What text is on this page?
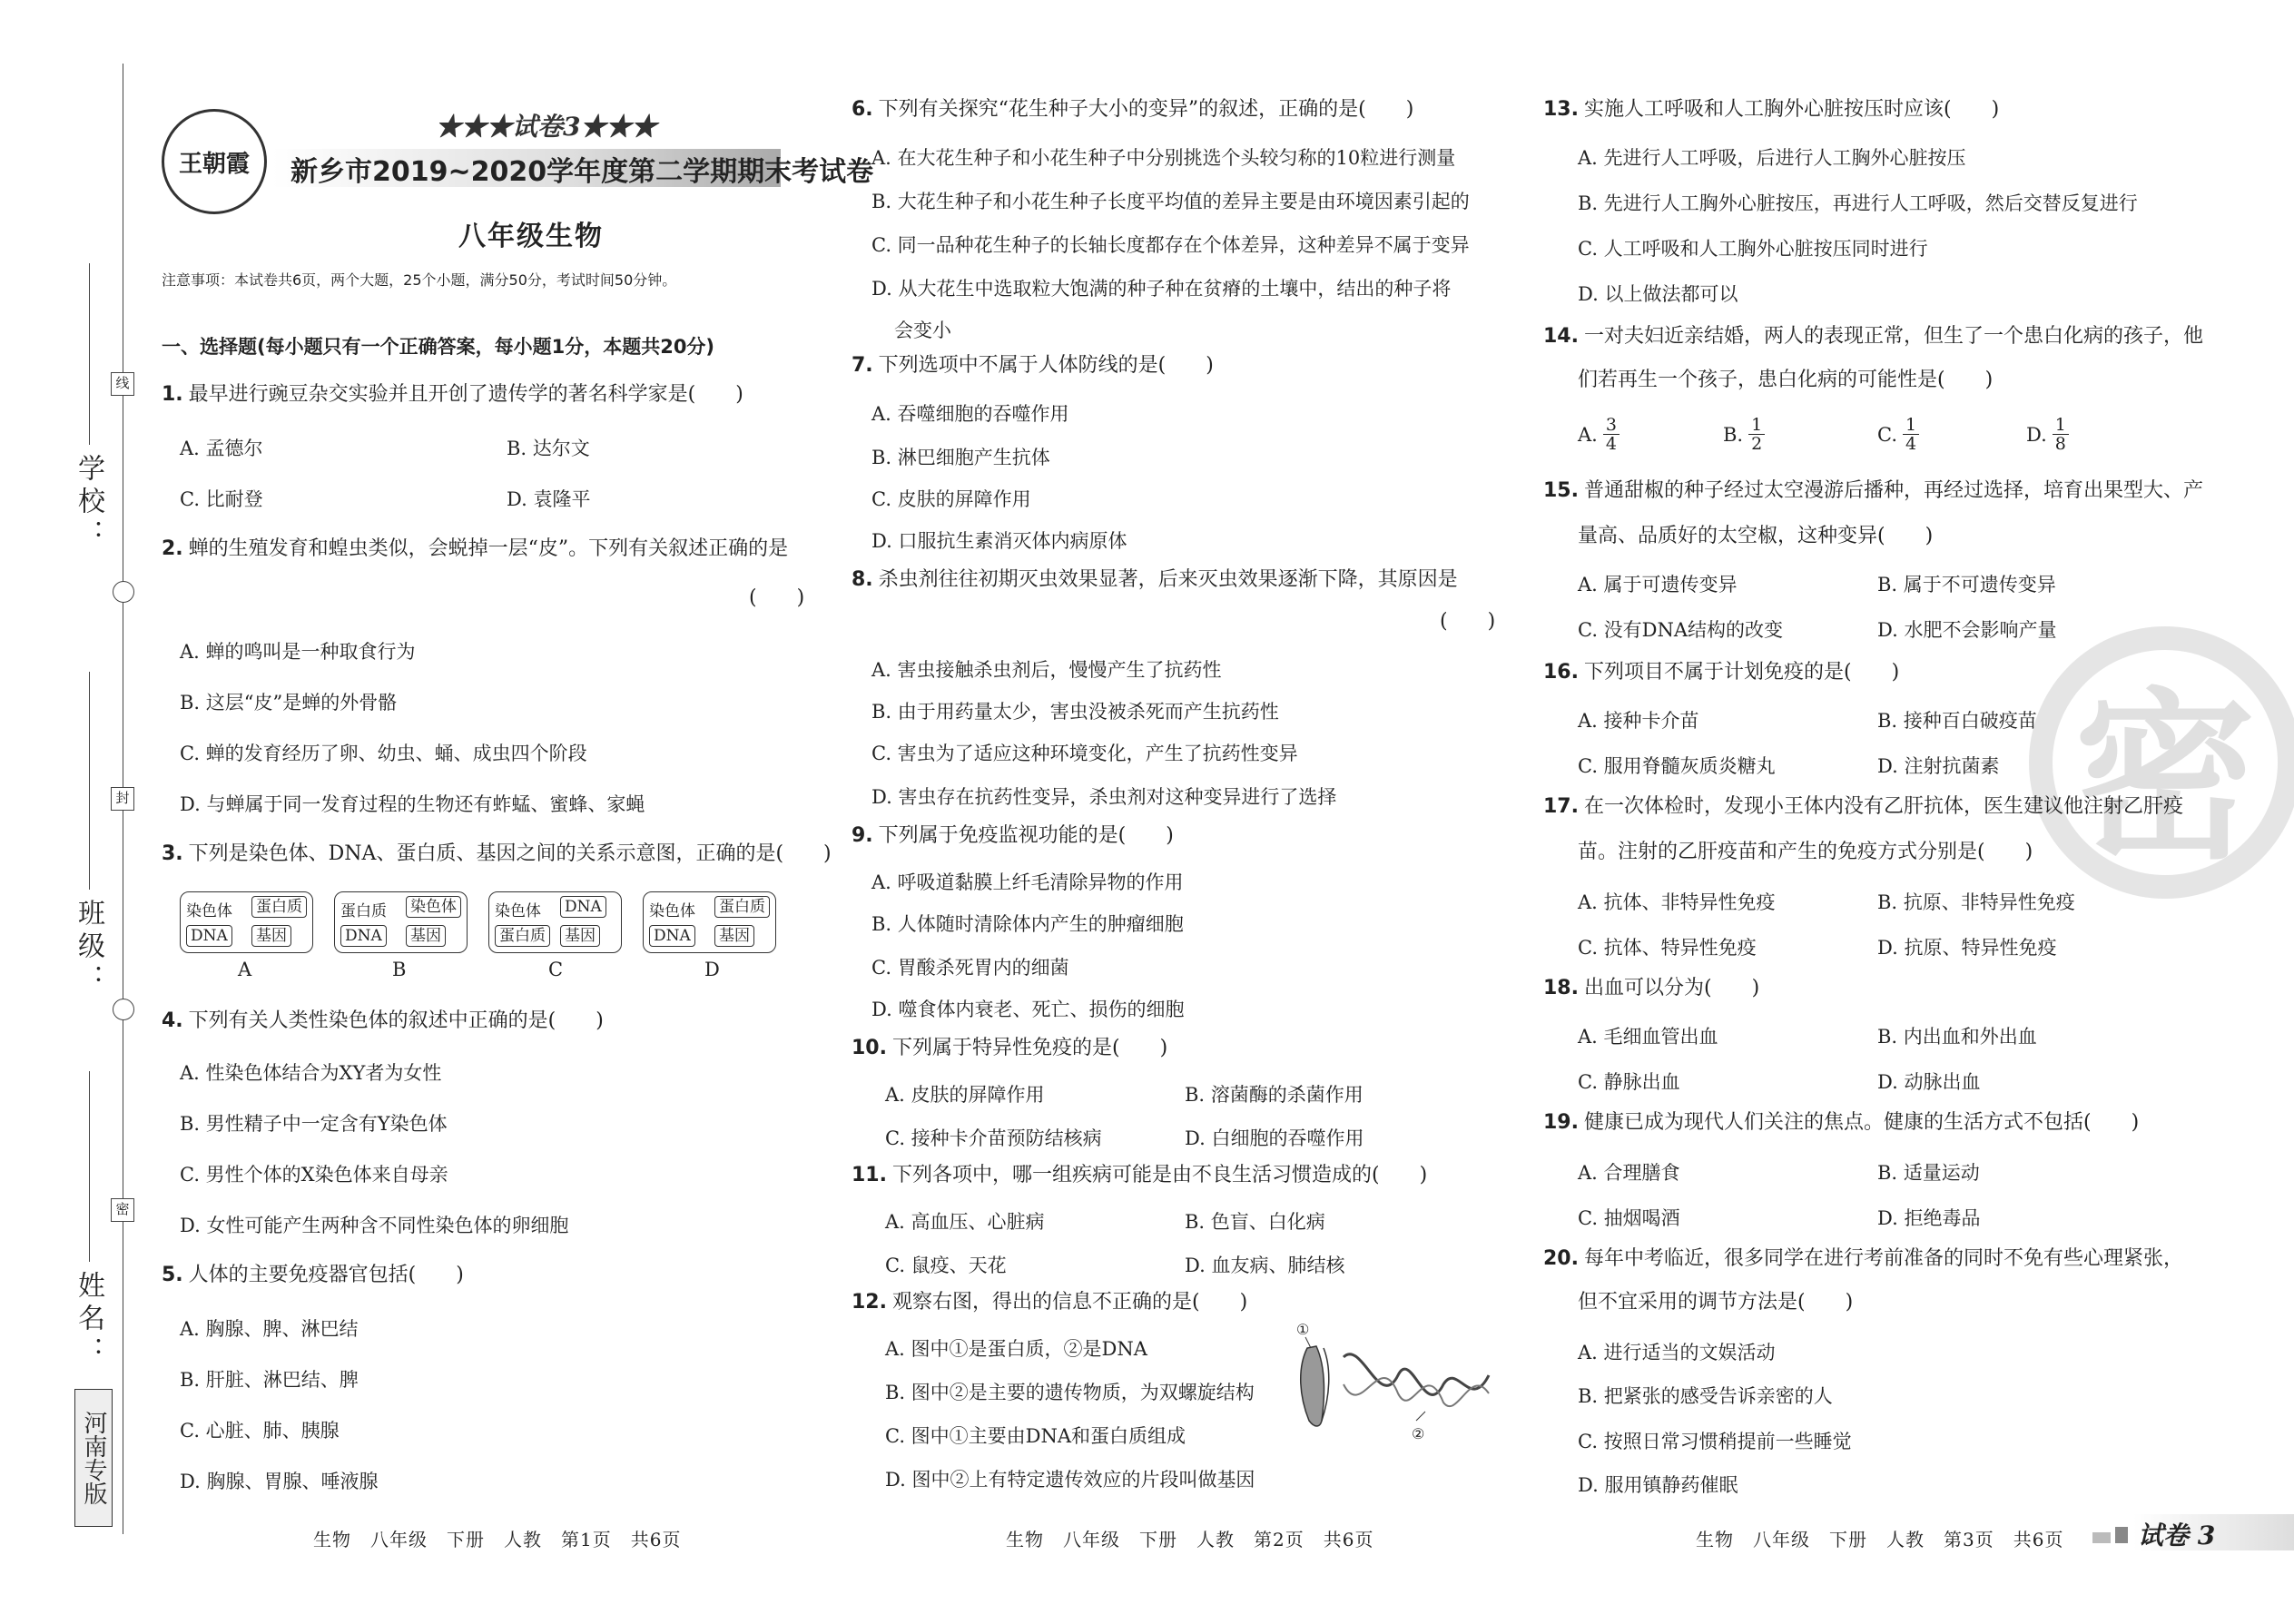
学校：
线
班级：
封
姓名：
密
河南专版
王朝霞
★★★试卷3★★★
新乡市2019~2020学年度第二学期期末考试卷
八年级生物
注意事项：本试卷共6页，两个大题，25个小题，满分50分，考试时间50分钟。
一、选择题(每小题只有一个正确答案，每小题1分，本题共20分)
1. 最早进行豌豆杂交实验并且开创了遗传学的著名科学家是(　　)
A. 孟德尔	B. 达尔文
C. 比耐登	D. 袁隆平
2. 蝉的生殖发育和蝗虫类似，会蜕掉一层“皮”。下列有关叙述正确的是
(　　)
A. 蝉的鸣叫是一种取食行为
B. 这层“皮”是蝉的外骨骼
C. 蝉的发育经历了卵、幼虫、蛹、成虫四个阶段
D. 与蝉属于同一发育过程的生物还有蚱蜢、蜜蜂、家蝇
3. 下列是染色体、DNA、蛋白质、基因之间的关系示意图，正确的是(　　)
染色体 蛋白质
DNA 基因
A
蛋白质 染色体
DNA 基因
B
染色体 DNA
蛋白质 基因
C
染色体 蛋白质
DNA 基因
D
4. 下列有关人类性染色体的叙述中正确的是(　　)
A. 性染色体结合为XY者为女性
B. 男性精子中一定含有Y染色体
C. 男性个体的X染色体来自母亲
D. 女性可能产生两种含不同性染色体的卵细胞
5. 人体的主要免疫器官包括(　　)
A. 胸腺、脾、淋巴结
B. 肝脏、淋巴结、脾
C. 心脏、肺、胰腺
D. 胸腺、胃腺、唾液腺
6. 下列有关探究“花生种子大小的变异”的叙述，正确的是(　　)
A. 在大花生种子和小花生种子中分别挑选个头较匀称的10粒进行测量
B. 大花生种子和小花生种子长度平均值的差异主要是由环境因素引起的
C. 同一品种花生种子的长轴长度都存在个体差异，这种差异不属于变异
D. 从大花生中选取粒大饱满的种子种在贫瘠的土壤中，结出的种子将
会变小
7. 下列选项中不属于人体防线的是(　　)
A. 吞噬细胞的吞噬作用
B. 淋巴细胞产生抗体
C. 皮肤的屏障作用
D. 口服抗生素消灭体内病原体
8. 杀虫剂往往初期灭虫效果显著，后来灭虫效果逐渐下降，其原因是
(　　)
A. 害虫接触杀虫剂后，慢慢产生了抗药性
B. 由于用药量太少，害虫没被杀死而产生抗药性
C. 害虫为了适应这种环境变化，产生了抗药性变异
D. 害虫存在抗药性变异，杀虫剂对这种变异进行了选择
9. 下列属于免疫监视功能的是(　　)
A. 呼吸道黏膜上纤毛清除异物的作用
B. 人体随时清除体内产生的肿瘤细胞
C. 胃酸杀死胃内的细菌
D. 噬食体内衰老、死亡、损伤的细胞
10. 下列属于特异性免疫的是(　　)
A. 皮肤的屏障作用	B. 溶菌酶的杀菌作用
C. 接种卡介苗预防结核病	D. 白细胞的吞噬作用
11. 下列各项中，哪一组疾病可能是由不良生活习惯造成的(　　)
A. 高血压、心脏病	B. 色盲、白化病
C. 鼠疫、天花	D. 血友病、肺结核
12. 观察右图，得出的信息不正确的是(　　)
A. 图中①是蛋白质，②是DNA
B. 图中②是主要的遗传物质，为双螺旋结构
C. 图中①主要由DNA和蛋白质组成
D. 图中②上有特定遗传效应的片段叫做基因
①
②
13. 实施人工呼吸和人工胸外心脏按压时应该(　　)
A. 先进行人工呼吸，后进行人工胸外心脏按压
B. 先进行人工胸外心脏按压，再进行人工呼吸，然后交替反复进行
C. 人工呼吸和人工胸外心脏按压同时进行
D. 以上做法都可以
14. 一对夫妇近亲结婚，两人的表现正常，但生了一个患白化病的孩子，他
们若再生一个孩子，患白化病的可能性是(　　)
A. $\frac{3}{4}$	B. $\frac{1}{2}$	C. $\frac{1}{4}$	D. $\frac{1}{8}$
15. 普通甜椒的种子经过太空漫游后播种，再经过选择，培育出果型大、产
量高、品质好的太空椒，这种变异(　　)
A. 属于可遗传变异	B. 属于不可遗传变异
C. 没有DNA结构的改变	D. 水肥不会影响产量
16. 下列项目不属于计划免疫的是(　　)
A. 接种卡介苗	B. 接种百白破疫苗
C. 服用脊髓灰质炎糖丸	D. 注射抗菌素
17. 在一次体检时，发现小王体内没有乙肝抗体，医生建议他注射乙肝疫
苗。注射的乙肝疫苗和产生的免疫方式分别是(　　)
A. 抗体、非特异性免疫	B. 抗原、非特异性免疫
C. 抗体、特异性免疫	D. 抗原、特异性免疫
18. 出血可以分为(　　)
A. 毛细血管出血	B. 内出血和外出血
C. 静脉出血	D. 动脉出血
19. 健康已成为现代人们关注的焦点。健康的生活方式不包括(　　)
A. 合理膳食	B. 适量运动
C. 抽烟喝酒	D. 拒绝毒品
20. 每年中考临近，很多同学在进行考前准备的同时不免有些心理紧张，
但不宜采用的调节方法是(　　)
A. 进行适当的文娱活动
B. 把紧张的感受告诉亲密的人
C. 按照日常习惯稍提前一些睡觉
D. 服用镇静药催眠
密
生物　八年级　下册　人教　第1页　共6页	生物　八年级　下册　人教　第2页　共6页	生物　八年级　下册　人教　第3页　共6页	试卷 3
